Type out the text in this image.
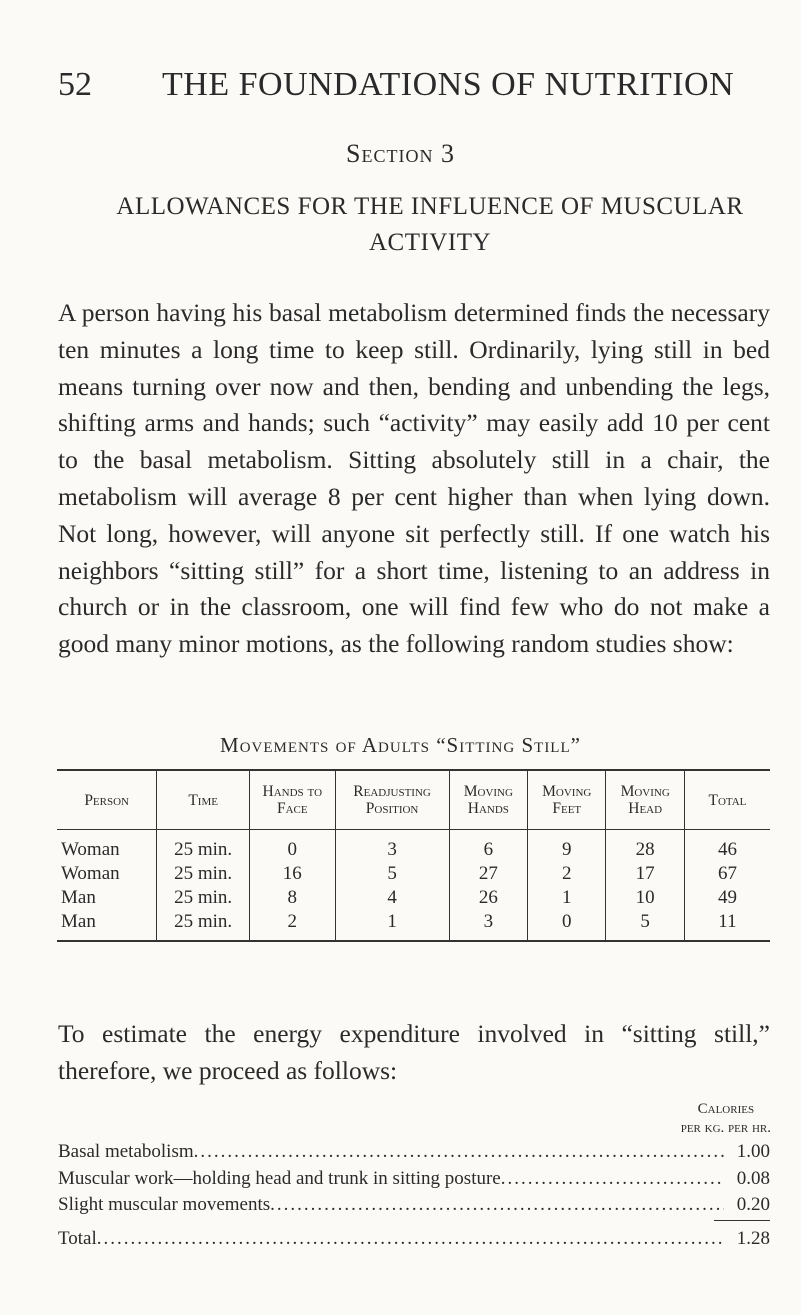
52 THE FOUNDATIONS OF NUTRITION
Section 3
ALLOWANCES FOR THE INFLUENCE OF MUSCULAR ACTIVITY

A person having his basal metabolism determined finds the necessary ten minutes a long time to keep still. Ordinarily, lying still in bed means turning over now and then, bending and unbending the legs, shifting arms and hands; such “activity” may easily add 10 per cent to the basal metabolism. Sitting absolutely still in a chair, the metabolism will average 8 per cent higher than when lying down. Not long, however, will anyone sit perfectly still. If one watch his neighbors “sitting still” for a short time, listening to an address in church or in the classroom, one will find few who do not make a good many minor motions, as the following random studies show:

Movements of Adults “Sitting Still”
Person	Time	Hands to Face	Readjusting Position	Moving Hands	Moving Feet	Moving Head	Total
Woman	25 min.	0	3	6	9	28	46
Woman	25 min.	16	5	27	2	17	67
Man	25 min.	8	4	26	1	10	49
Man	25 min.	2	1	3	0	5	11

To estimate the energy expenditure involved in “sitting still,” therefore, we proceed as follows:

Calories
per kg. per hr.
Basal metabolism .....	1.00
Muscular work—holding head and trunk in sitting posture .....	0.08
Slight muscular movements .....	0.20
Total .....	1.28
